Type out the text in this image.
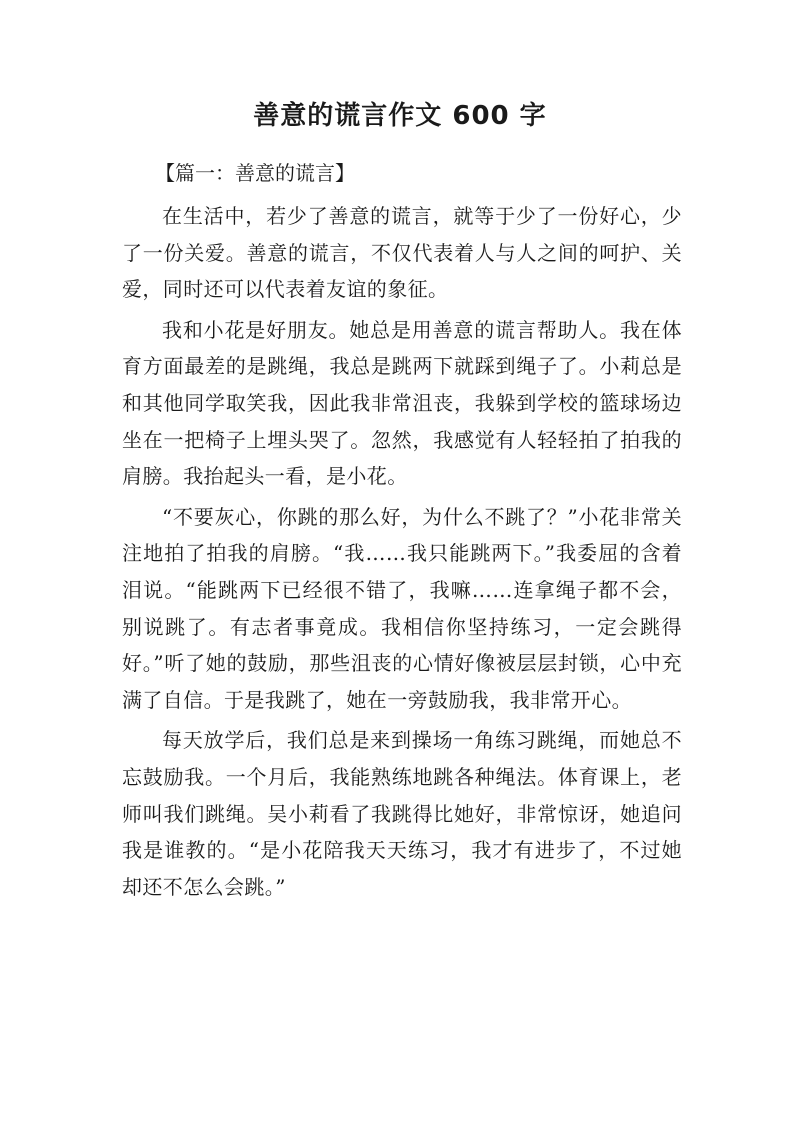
善意的谎言作文 600 字

【篇一：善意的谎言】

在生活中，若少了善意的谎言，就等于少了一份好心，少了一份关爱。善意的谎言，不仅代表着人与人之间的呵护、关爱，同时还可以代表着友谊的象征。

我和小花是好朋友。她总是用善意的谎言帮助人。我在体育方面最差的是跳绳，我总是跳两下就踩到绳子了。小莉总是和其他同学取笑我，因此我非常沮丧，我躲到学校的篮球场边坐在一把椅子上埋头哭了。忽然，我感觉有人轻轻拍了拍我的肩膀。我抬起头一看，是小花。

“不要灰心，你跳的那么好，为什么不跳了？”小花非常关注地拍了拍我的肩膀。“我……我只能跳两下。”我委屈的含着泪说。“能跳两下已经很不错了，我嘛……连拿绳子都不会，别说跳了。有志者事竟成。我相信你坚持练习，一定会跳得好。”听了她的鼓励，那些沮丧的心情好像被层层封锁，心中充满了自信。于是我跳了，她在一旁鼓励我，我非常开心。

每天放学后，我们总是来到操场一角练习跳绳，而她总不忘鼓励我。一个月后，我能熟练地跳各种绳法。体育课上，老师叫我们跳绳。吴小莉看了我跳得比她好，非常惊讶，她追问我是谁教的。“是小花陪我天天练习，我才有进步了，不过她却还不怎么会跳。”
